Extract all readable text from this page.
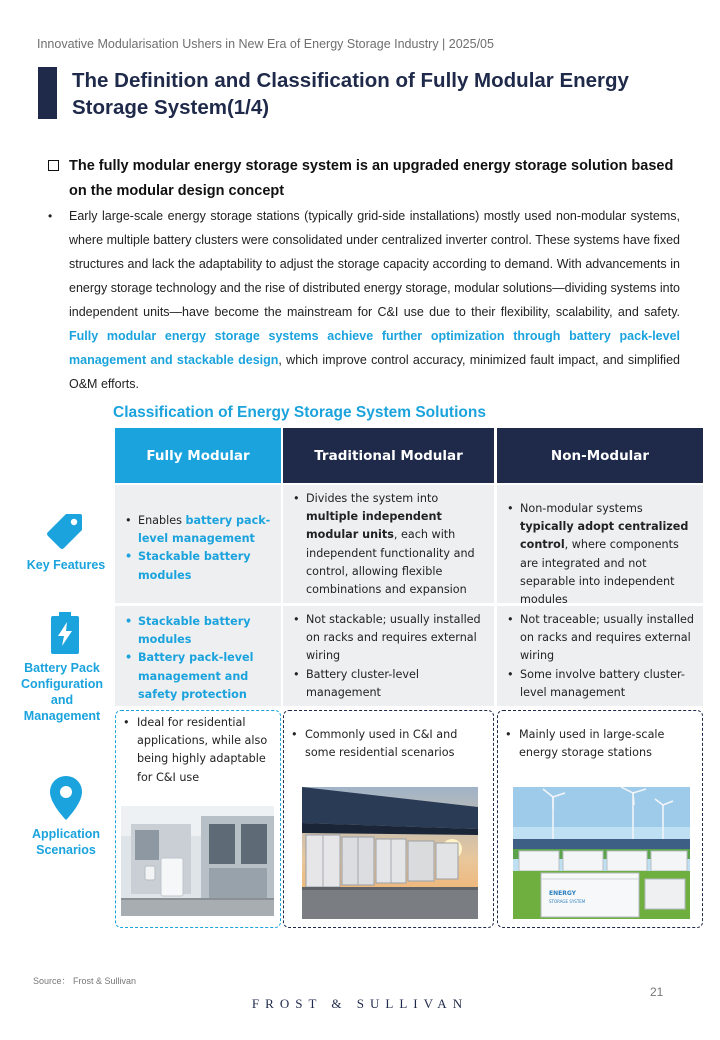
Innovative Modularisation Ushers in New Era of Energy Storage Industry | 2025/05
The Definition and Classification of Fully Modular Energy Storage System(1/4)
The fully modular energy storage system is an upgraded energy storage solution based on the modular design concept
• Early large-scale energy storage stations (typically grid-side installations) mostly used non-modular systems, where multiple battery clusters were consolidated under centralized inverter control. These systems have fixed structures and lack the adaptability to adjust the storage capacity according to demand. With advancements in energy storage technology and the rise of distributed energy storage, modular solutions—dividing systems into independent units—have become the mainstream for C&I use due to their flexibility, scalability, and safety. Fully modular energy storage systems achieve further optimization through battery pack-level management and stackable design, which improve control accuracy, minimized fault impact, and simplified O&M efforts.
Classification of Energy Storage System Solutions
Fully Modular	Traditional Modular	Non-Modular
• Enables battery pack-level management
• Stackable battery modules
• Divides the system into multiple independent modular units, each with independent functionality and control, allowing flexible combinations and expansion
• Non-modular systems typically adopt centralized control, where components are integrated and not separable into independent modules
• Stackable battery modules
• Battery pack-level management and safety protection
• Not stackable; usually installed on racks and requires external wiring
• Battery cluster-level management
• Not traceable; usually installed on racks and requires external wiring
• Some involve battery cluster-level management
• Ideal for residential applications, while also being highly adaptable for C&I use
• Commonly used in C&I and some residential scenarios
• Mainly used in large-scale energy storage stations
ENERGY
STORAGE SYSTEM
Key Features
Battery Pack Configuration and Management
Application Scenarios
Source： Frost & Sullivan
21
FROST & SULLIVAN
